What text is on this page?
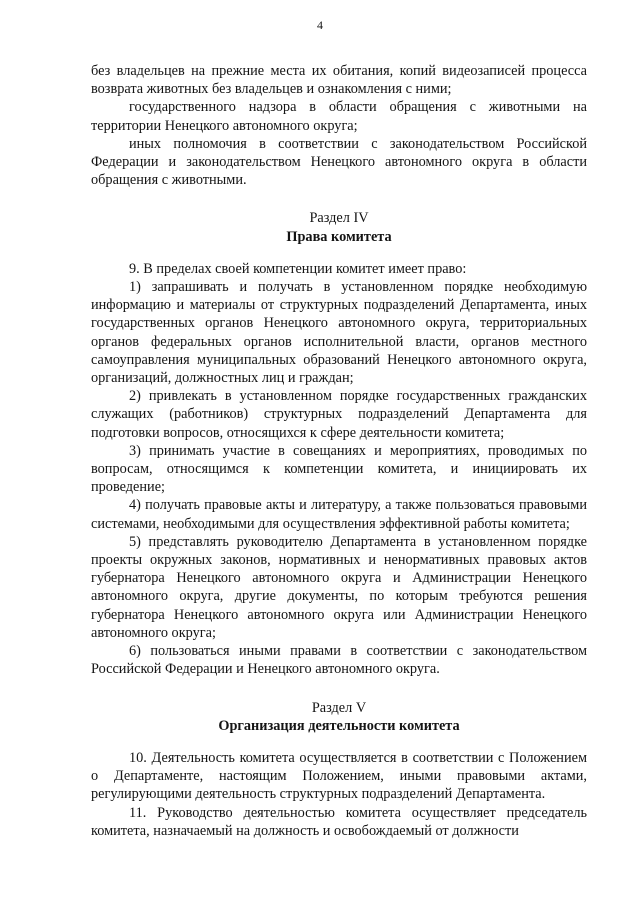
4

без владельцев на прежние места их обитания, копий видеозаписей процесса возврата животных без владельцев и ознакомления с ними;

государственного надзора в области обращения с животными на территории Ненецкого автономного округа;

иных полномочия в соответствии с законодательством Российской Федерации и законодательством Ненецкого автономного округа в области обращения с животными.

Раздел IV

Права комитета

9. В пределах своей компетенции комитет имеет право:

1) запрашивать и получать в установленном порядке необходимую информацию и материалы от структурных подразделений Департамента, иных государственных органов Ненецкого автономного округа, территориальных органов федеральных органов исполнительной власти, органов местного самоуправления муниципальных образований Ненецкого автономного округа, организаций, должностных лиц и граждан;

2) привлекать в установленном порядке государственных гражданских служащих (работников) структурных подразделений Департамента для подготовки вопросов, относящихся к сфере деятельности комитета;

3) принимать участие в совещаниях и мероприятиях, проводимых по вопросам, относящимся к компетенции комитета, и инициировать их проведение;

4) получать правовые акты и литературу, а также пользоваться правовыми системами, необходимыми для осуществления эффективной работы комитета;

5) представлять руководителю Департамента в установленном порядке проекты окружных законов, нормативных и ненормативных правовых актов губернатора Ненецкого автономного округа и Администрации Ненецкого автономного округа, другие документы, по которым требуются решения губернатора Ненецкого автономного округа или Администрации Ненецкого автономного округа;

6) пользоваться иными правами в соответствии с законодательством Российской Федерации и Ненецкого автономного округа.

Раздел V

Организация деятельности комитета

10. Деятельность комитета осуществляется в соответствии с Положением о Департаменте, настоящим Положением, иными правовыми актами, регулирующими деятельность структурных подразделений Департамента.

11. Руководство деятельностью комитета осуществляет председатель комитета, назначаемый на должность и освобождаемый от должности
